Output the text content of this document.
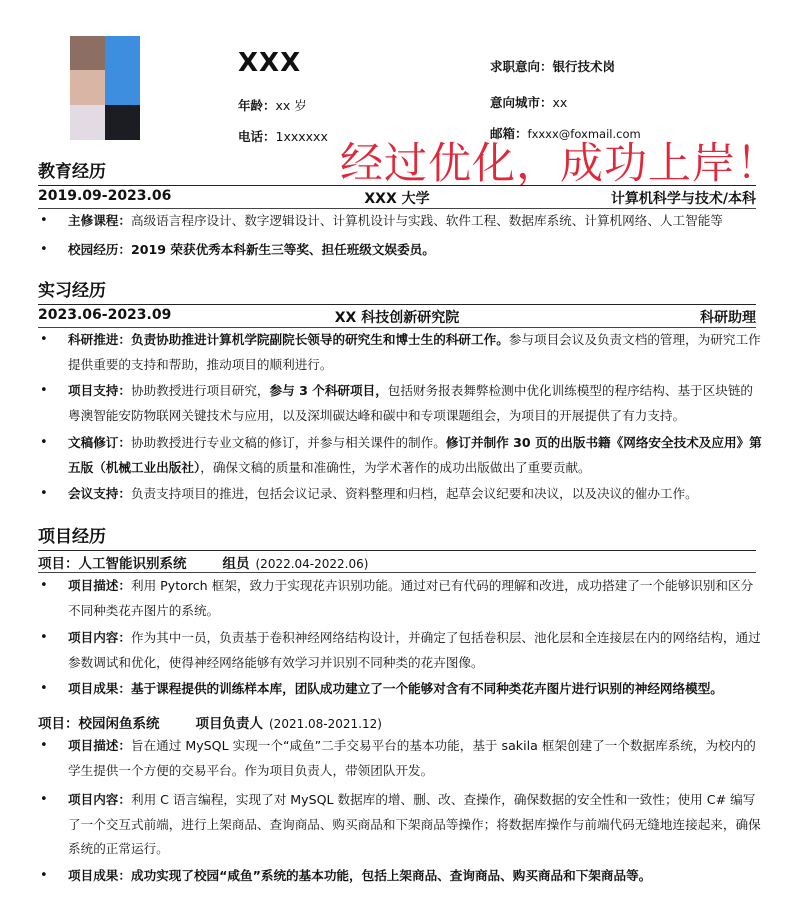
XXX
年龄：xx 岁
电话：1xxxxxx
求职意向：银行技术岗
意向城市：xx
邮箱：fxxxx@foxmail.com
经过优化，成功上岸！
教育经历
2019.09-2023.06	XXX 大学	计算机科学与技术/本科
• 主修课程：高级语言程序设计、数字逻辑设计、计算机设计与实践、软件工程、数据库系统、计算机网络、人工智能等
• 校园经历：2019 荣获优秀本科新生三等奖、担任班级文娱委员。
实习经历
2023.06-2023.09	XX 科技创新研究院	科研助理
• 科研推进：负责协助推进计算机学院副院长领导的研究生和博士生的科研工作。参与项目会议及负责文档的管理，为研究工作提供重要的支持和帮助，推动项目的顺利进行。
• 项目支持：协助教授进行项目研究，参与 3 个科研项目，包括财务报表舞弊检测中优化训练模型的程序结构、基于区块链的粤澳智能安防物联网关键技术与应用，以及深圳碳达峰和碳中和专项课题组会，为项目的开展提供了有力支持。
• 文稿修订：协助教授进行专业文稿的修订，并参与相关课件的制作。修订并制作 30 页的出版书籍《网络安全技术及应用》第五版（机械工业出版社），确保文稿的质量和准确性，为学术著作的成功出版做出了重要贡献。
• 会议支持：负责支持项目的推进，包括会议记录、资料整理和归档，起草会议纪要和决议，以及决议的催办工作。
项目经历
项目：人工智能识别系统	组员 (2022.04-2022.06)
• 项目描述：利用 Pytorch 框架，致力于实现花卉识别功能。通过对已有代码的理解和改进，成功搭建了一个能够识别和区分不同种类花卉图片的系统。
• 项目内容：作为其中一员，负责基于卷积神经网络结构设计，并确定了包括卷积层、池化层和全连接层在内的网络结构，通过参数调试和优化，使得神经网络能够有效学习并识别不同种类的花卉图像。
• 项目成果：基于课程提供的训练样本库，团队成功建立了一个能够对含有不同种类花卉图片进行识别的神经网络模型。
项目：校园闲鱼系统	项目负责人 (2021.08-2021.12)
• 项目描述：旨在通过 MySQL 实现一个“咸鱼”二手交易平台的基本功能，基于 sakila 框架创建了一个数据库系统，为校内的学生提供一个方便的交易平台。作为项目负责人，带领团队开发。
• 项目内容：利用 C 语言编程，实现了对 MySQL 数据库的增、删、改、查操作，确保数据的安全性和一致性；使用 C# 编写了一个交互式前端，进行上架商品、查询商品、购买商品和下架商品等操作；将数据库操作与前端代码无缝地连接起来，确保系统的正常运行。
• 项目成果：成功实现了校园“咸鱼”系统的基本功能，包括上架商品、查询商品、购买商品和下架商品等。
